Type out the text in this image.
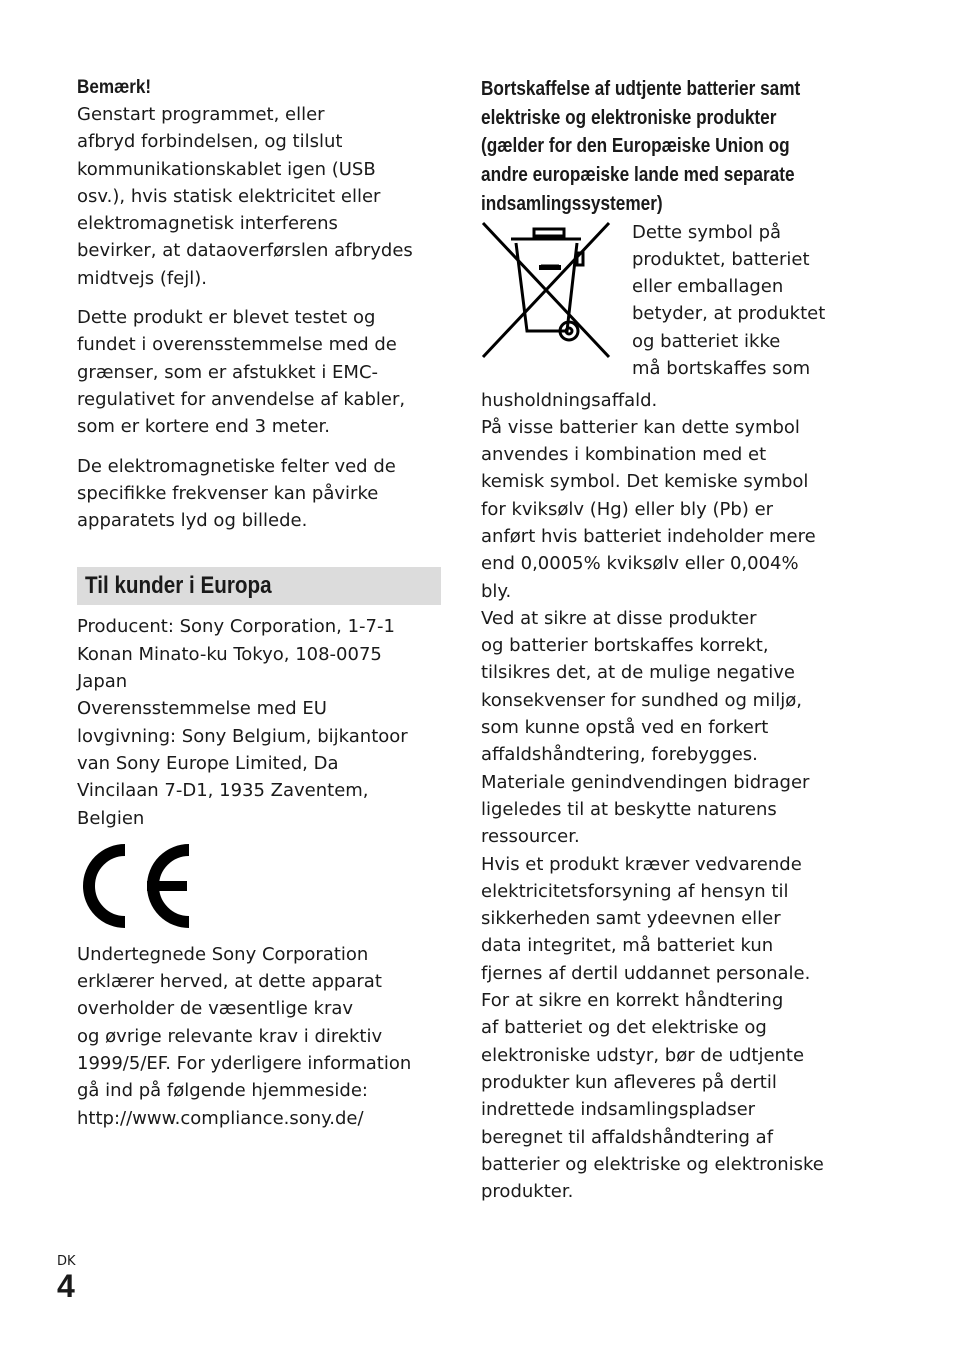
Bemærk!

Genstart programmet, eller
afbryd forbindelsen, og tilslut
kommunikationskablet igen (USB
osv.), hvis statisk elektricitet eller
elektromagnetisk interferens
bevirker, at dataoverførslen afbrydes
midtvejs (fejl).

Dette produkt er blevet testet og
fundet i overensstemmelse med de
grænser, som er afstukket i EMC-
regulativet for anvendelse af kabler,
som er kortere end 3 meter.

De elektromagnetiske felter ved de
specifikke frekvenser kan påvirke
apparatets lyd og billede.

Til kunder i Europa

Producent: Sony Corporation, 1-7-1
Konan Minato-ku Tokyo, 108-0075
Japan
Overensstemmelse med EU
lovgivning: Sony Belgium, bijkantoor
van Sony Europe Limited, Da
Vincilaan 7-D1, 1935 Zaventem,
Belgien

Undertegnede Sony Corporation
erklærer herved, at dette apparat
overholder de væsentlige krav
og øvrige relevante krav i direktiv
1999/5/EF. For yderligere information
gå ind på følgende hjemmeside:
http://www.compliance.sony.de/

Bortskaffelse af udtjente batterier samt
elektriske og elektroniske produkter
(gælder for den Europæiske Union og
andre europæiske lande med separate
indsamlingssystemer)

Dette symbol på
produktet, batteriet
eller emballagen
betyder, at produktet
og batteriet ikke
må bortskaffes som

husholdningsaffald.
På visse batterier kan dette symbol
anvendes i kombination med et
kemisk symbol. Det kemiske symbol
for kviksølv (Hg) eller bly (Pb) er
anført hvis batteriet indeholder mere
end 0,0005% kviksølv eller 0,004%
bly.
Ved at sikre at disse produkter
og batterier bortskaffes korrekt,
tilsikres det, at de mulige negative
konsekvenser for sundhed og miljø,
som kunne opstå ved en forkert
affaldshåndtering, forebygges.
Materiale genindvendingen bidrager
ligeledes til at beskytte naturens
ressourcer.
Hvis et produkt kræver vedvarende
elektricitetsforsyning af hensyn til
sikkerheden samt ydeevnen eller
data integritet, må batteriet kun
fjernes af dertil uddannet personale.
For at sikre en korrekt håndtering
af batteriet og det elektriske og
elektroniske udstyr, bør de udtjente
produkter kun afleveres på dertil
indrettede indsamlingspladser
beregnet til affaldshåndtering af
batterier og elektriske og elektroniske
produkter.

DK
4
